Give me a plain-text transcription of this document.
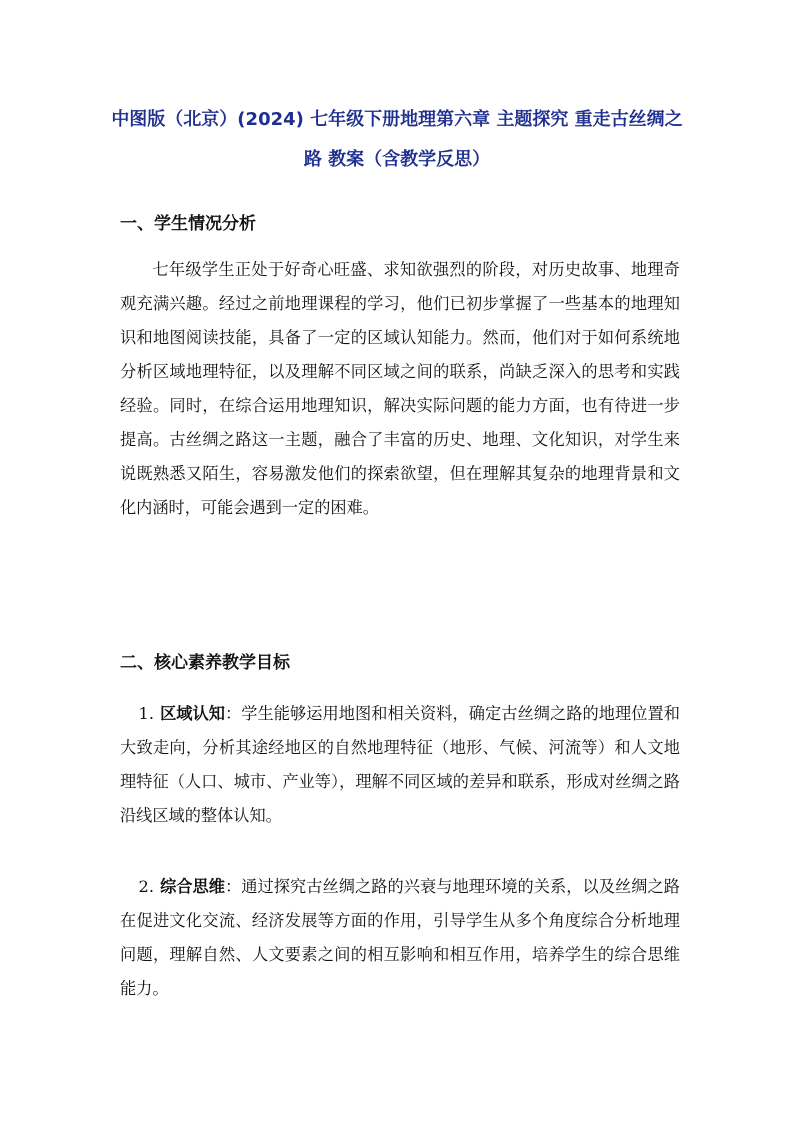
中图版（北京）(2024) 七年级下册地理第六章 主题探究 重走古丝绸之路 教案（含教学反思）
一、学生情况分析
七年级学生正处于好奇心旺盛、求知欲强烈的阶段，对历史故事、地理奇观充满兴趣。经过之前地理课程的学习，他们已初步掌握了一些基本的地理知识和地图阅读技能，具备了一定的区域认知能力。然而，他们对于如何系统地分析区域地理特征，以及理解不同区域之间的联系，尚缺乏深入的思考和实践经验。同时，在综合运用地理知识，解决实际问题的能力方面，也有待进一步提高。古丝绸之路这一主题，融合了丰富的历史、地理、文化知识，对学生来说既熟悉又陌生，容易激发他们的探索欲望，但在理解其复杂的地理背景和文化内涵时，可能会遇到一定的困难。
二、核心素养教学目标
1. 区域认知：学生能够运用地图和相关资料，确定古丝绸之路的地理位置和大致走向，分析其途经地区的自然地理特征（地形、气候、河流等）和人文地理特征（人口、城市、产业等），理解不同区域的差异和联系，形成对丝绸之路沿线区域的整体认知。
2. 综合思维：通过探究古丝绸之路的兴衰与地理环境的关系，以及丝绸之路在促进文化交流、经济发展等方面的作用，引导学生从多个角度综合分析地理问题，理解自然、人文要素之间的相互影响和相互作用，培养学生的综合思维能力。
